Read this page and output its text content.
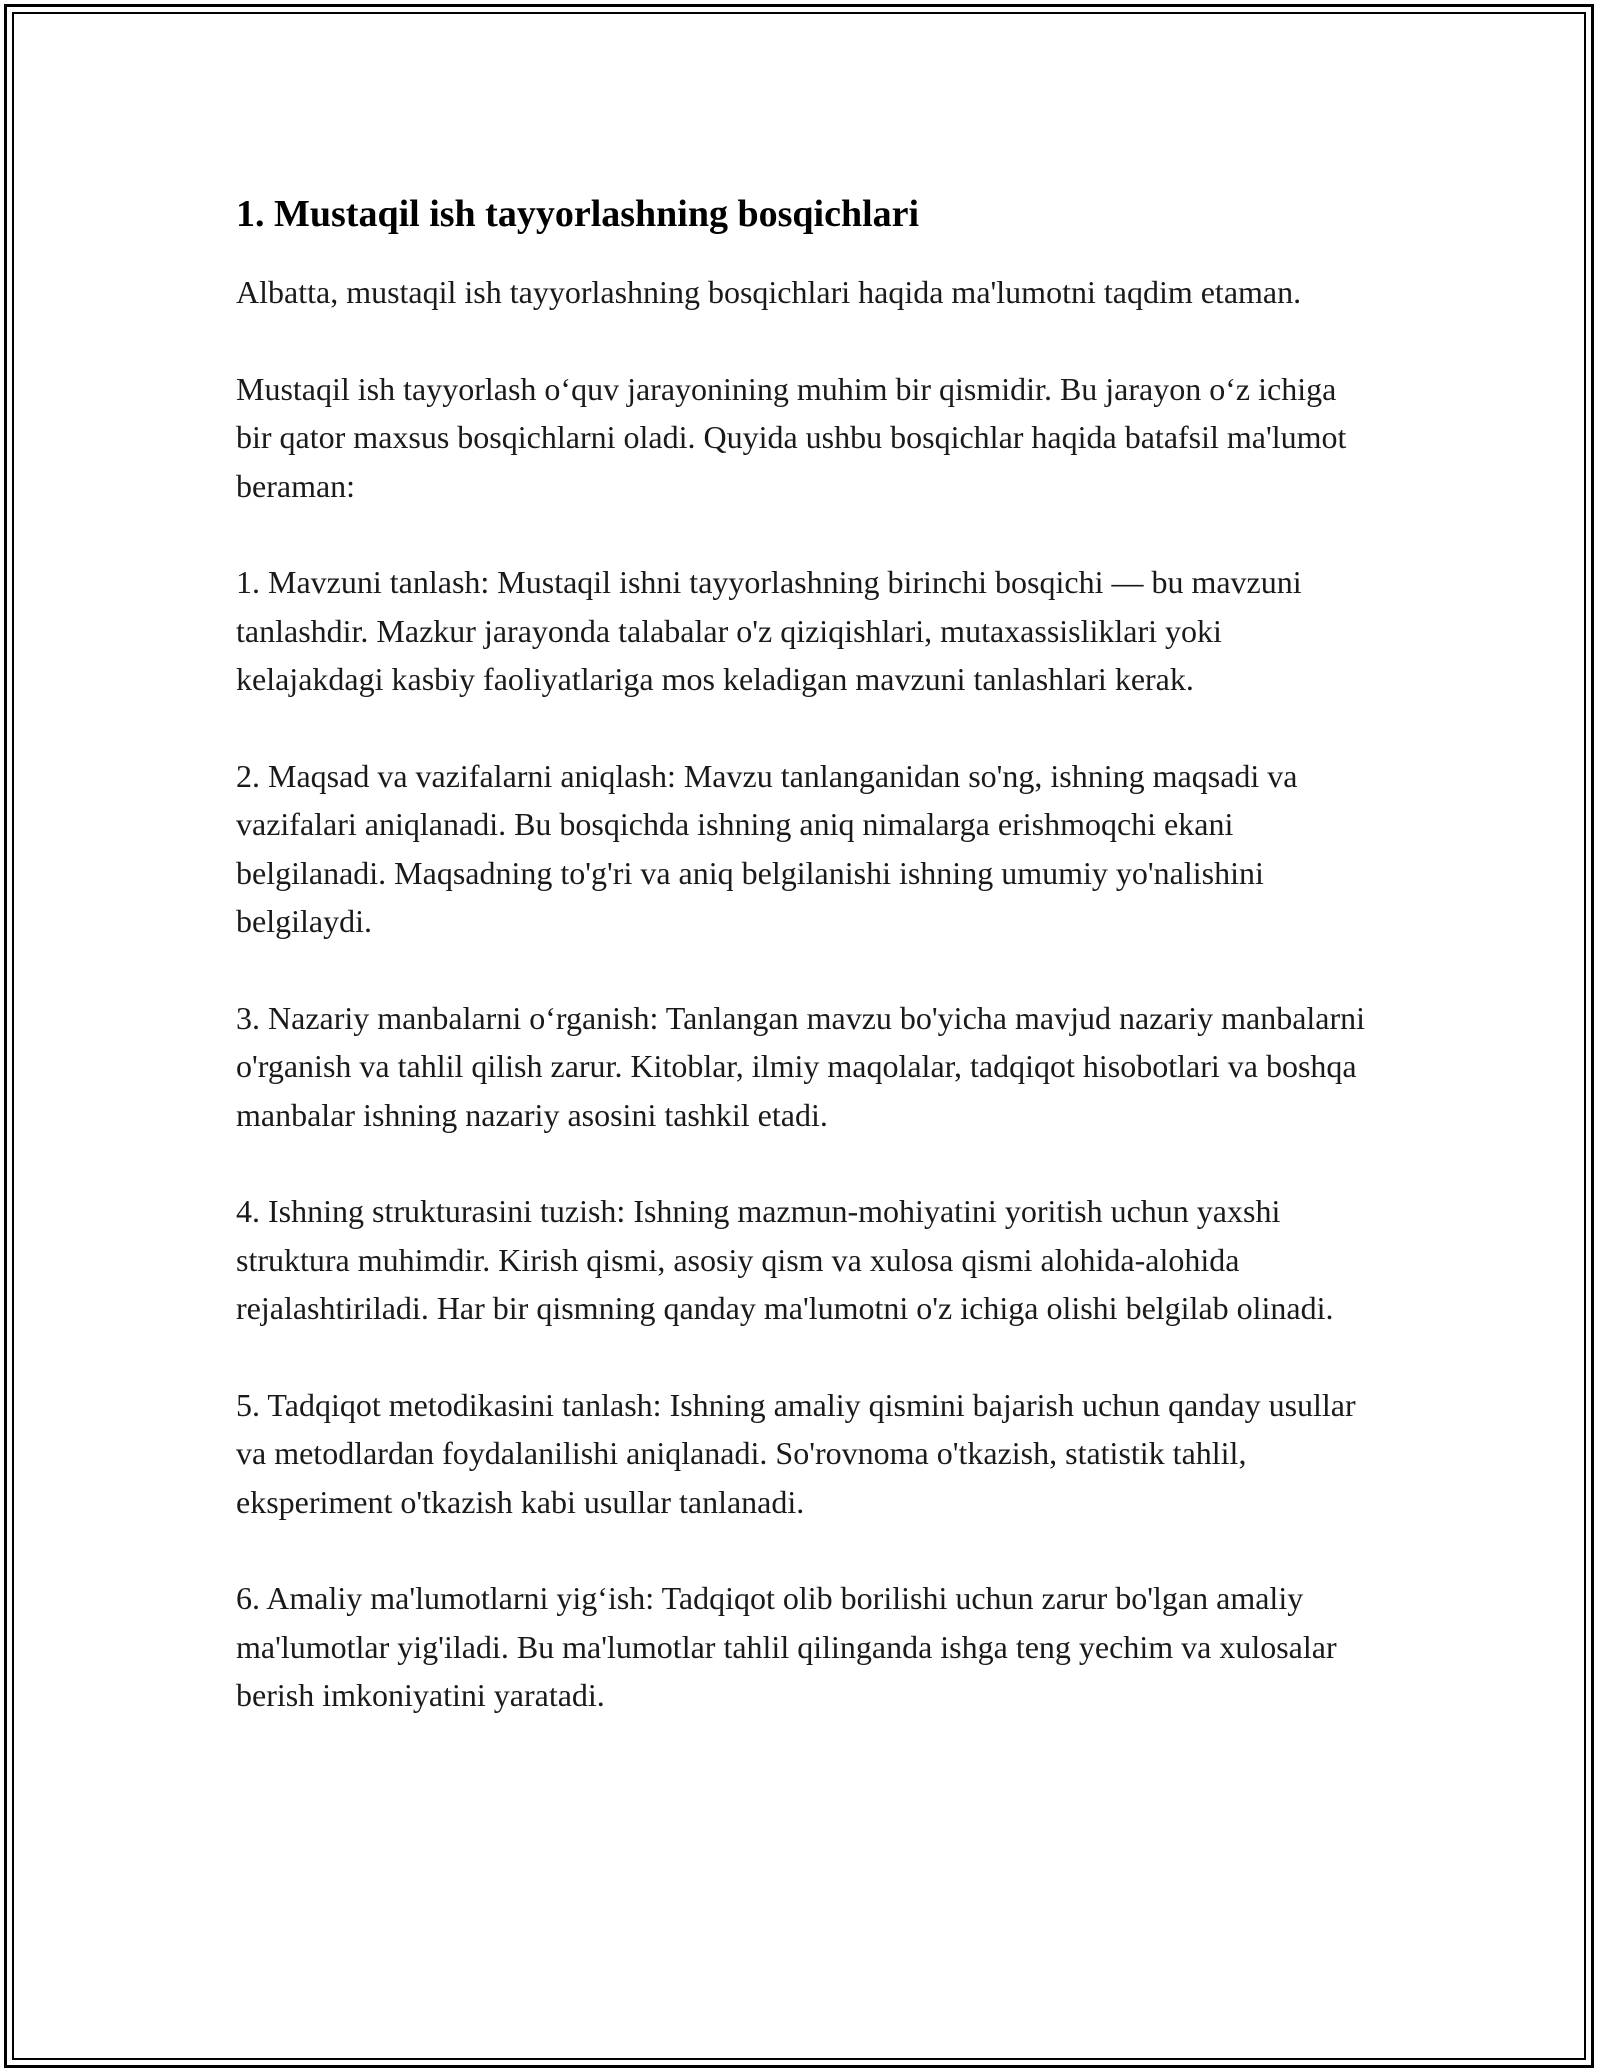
1. Mustaqil ish tayyorlashning bosqichlari

Albatta, mustaqil ish tayyorlashning bosqichlari haqida ma'lumotni taqdim etaman.

Mustaqil ish tayyorlash o‘quv jarayonining muhim bir qismidir. Bu jarayon o‘z ichiga bir qator maxsus bosqichlarni oladi. Quyida ushbu bosqichlar haqida batafsil ma'lumot beraman:

1. Mavzuni tanlash: Mustaqil ishni tayyorlashning birinchi bosqichi — bu mavzuni tanlashdir. Mazkur jarayonda talabalar o'z qiziqishlari, mutaxassisliklari yoki kelajakdagi kasbiy faoliyatlariga mos keladigan mavzuni tanlashlari kerak.

2. Maqsad va vazifalarni aniqlash: Mavzu tanlanganidan so'ng, ishning maqsadi va vazifalari aniqlanadi. Bu bosqichda ishning aniq nimalarga erishmoqchi ekani belgilanadi. Maqsadning to'g'ri va aniq belgilanishi ishning umumiy yo'nalishini belgilaydi.

3. Nazariy manbalarni o‘rganish: Tanlangan mavzu bo'yicha mavjud nazariy manbalarni o'rganish va tahlil qilish zarur. Kitoblar, ilmiy maqolalar, tadqiqot hisobotlari va boshqa manbalar ishning nazariy asosini tashkil etadi.

4. Ishning strukturasini tuzish: Ishning mazmun-mohiyatini yoritish uchun yaxshi struktura muhimdir. Kirish qismi, asosiy qism va xulosa qismi alohida-alohida rejalashtiriladi. Har bir qismning qanday ma'lumotni o'z ichiga olishi belgilab olinadi.

5. Tadqiqot metodikasini tanlash: Ishning amaliy qismini bajarish uchun qanday usullar va metodlardan foydalanilishi aniqlanadi. So'rovnoma o'tkazish, statistik tahlil, eksperiment o'tkazish kabi usullar tanlanadi.

6. Amaliy ma'lumotlarni yig‘ish: Tadqiqot olib borilishi uchun zarur bo'lgan amaliy ma'lumotlar yig'iladi. Bu ma'lumotlar tahlil qilinganda ishga teng yechim va xulosalar berish imkoniyatini yaratadi.
